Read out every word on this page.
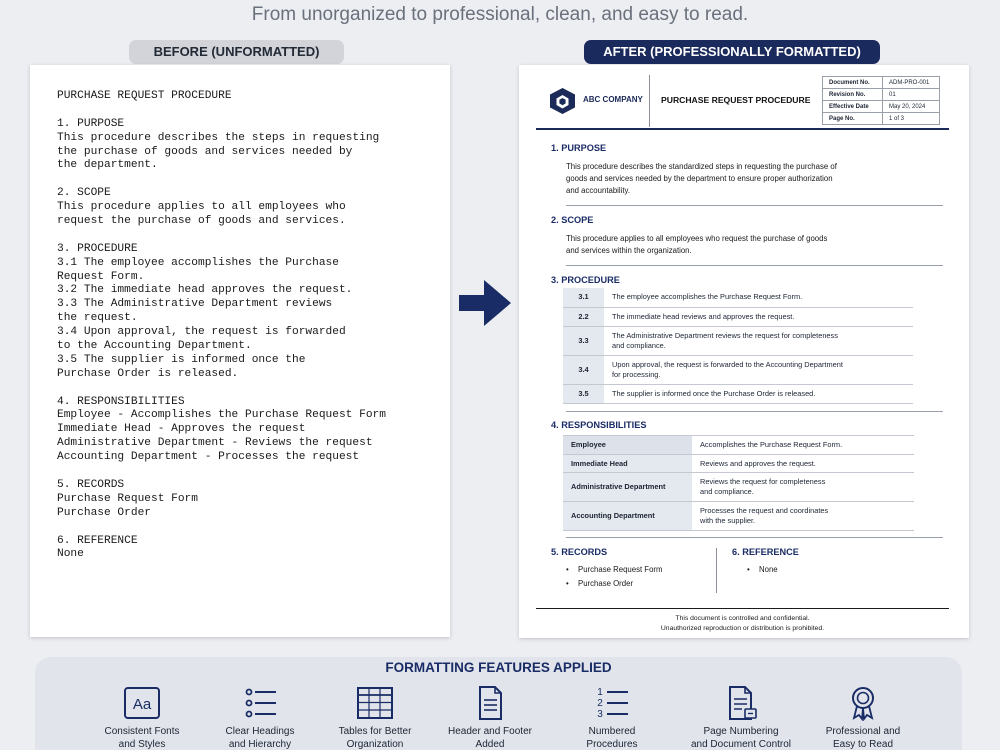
From unorganized to professional, clean, and easy to read.
BEFORE (UNFORMATTED)	AFTER (PROFESSIONALLY FORMATTED)
PURCHASE REQUEST PROCEDURE
1. PURPOSE
This procedure describes the steps in requesting
the purchase of goods and services needed by
the department.
2. SCOPE
This procedure applies to all employees who
request the purchase of goods and services.
3. PROCEDURE
3.1 The employee accomplishes the Purchase
Request Form.
3.2 The immediate head approves the request.
3.3 The Administrative Department reviews
the request.
3.4 Upon approval, the request is forwarded
to the Accounting Department.
3.5 The supplier is informed once the
Purchase Order is released.
4. RESPONSIBILITIES
Employee - Accomplishes the Purchase Request Form
Immediate Head - Approves the request
Administrative Department - Reviews the request
Accounting Department - Processes the request
5. RECORDS
Purchase Request Form
Purchase Order
6. REFERENCE
None
ABC COMPANY PURCHASE REQUEST PROCEDURE
Document No.	ADM-PRO-001
Revision No.	01
Effective Date	May 20, 2024
Page No.	1 of 3
1. PURPOSE
This procedure describes the standardized steps in requesting the purchase of
goods and services needed by the department to ensure proper authorization
and accountability.
2. SCOPE
This procedure applies to all employees who request the purchase of goods
and services within the organization.
3. PROCEDURE
3.1	The employee accomplishes the Purchase Request Form.

2.2	The immediate head reviews and approves the request.

3.3	The Administrative Department reviews the request for completeness
and compliance.

3.4	Upon approval, the request is forwarded to the Accounting Department
for processing.

3.5	The supplier is informed once the Purchase Order is released.
4. RESPONSIBILITIES
Employee	Accomplishes the Purchase Request Form.

Immediate Head	Reviews and approves the request.

Administrative Department	Reviews the request for completeness
and compliance.

Accounting Department	Processes the request and coordinates
with the supplier.
5. RECORDS
• Purchase Request Form
• Purchase Order
6. REFERENCE
• None
This document is controlled and confidential.
Unauthorized reproduction or distribution is prohibited.
FORMATTING FEATURES APPLIED
Aa
Consistent Fonts
and Styles
Clear Headings
and Hierarchy
Tables for Better
Organization
Header and Footer
Added
1
2
3
Numbered
Procedures
Page Numbering
and Document Control
Professional and
Easy to Read
